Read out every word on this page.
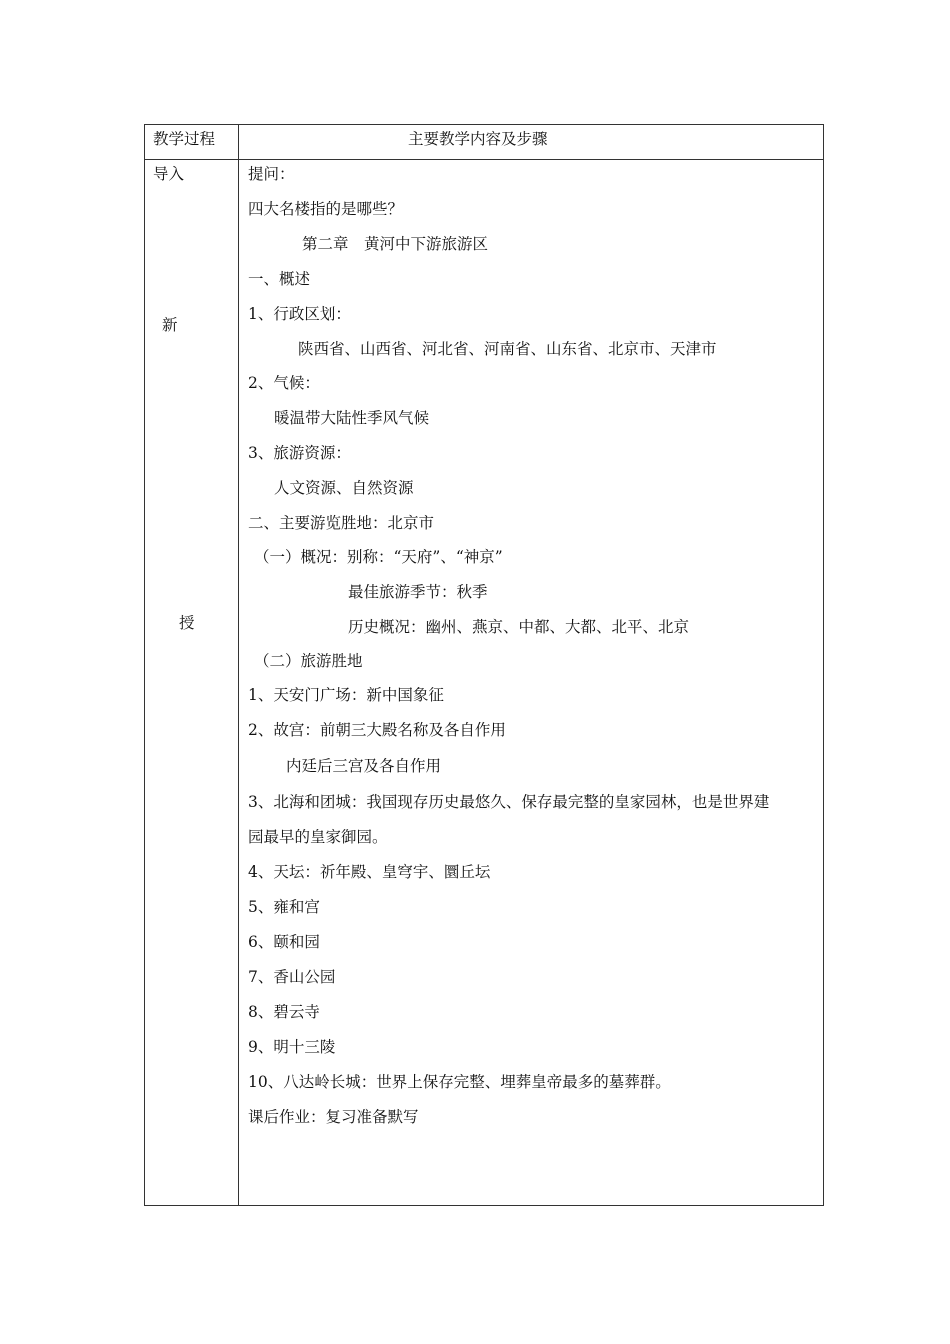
教学过程	主要教学内容及步骤
导入
新
授
提问：
四大名楼指的是哪些？
第二章　黄河中下游旅游区
一、概述
1、行政区划：
陕西省、山西省、河北省、河南省、山东省、北京市、天津市
2、气候：
暖温带大陆性季风气候
3、旅游资源：
人文资源、自然资源
二、主要游览胜地：北京市
（一）概况：别称：“天府”、“神京”
最佳旅游季节：秋季
历史概况：幽州、燕京、中都、大都、北平、北京
（二）旅游胜地
1、天安门广场：新中国象征
2、故宫：前朝三大殿名称及各自作用
内廷后三宫及各自作用
3、北海和团城：我国现存历史最悠久、保存最完整的皇家园林，也是世界建
园最早的皇家御园。
4、天坛：祈年殿、皇穹宇、圜丘坛
5、雍和宫
6、颐和园
7、香山公园
8、碧云寺
9、明十三陵
10、八达岭长城：世界上保存完整、埋葬皇帝最多的墓葬群。
课后作业：复习准备默写
